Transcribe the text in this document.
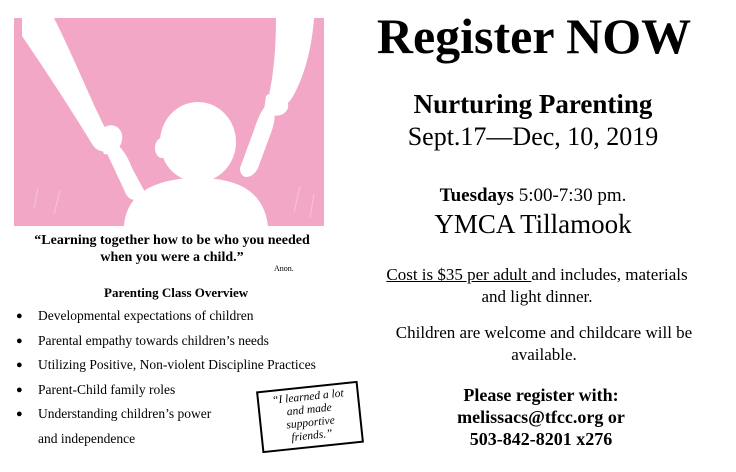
“Learning together how to be who you needed when you were a child.”
Anon.
Parenting Class Overview
● Developmental expectations of children
● Parental empathy towards children’s needs
● Utilizing Positive, Non-violent Discipline Practices
● Parent-Child family roles
● Understanding children’s power
and independence
“I learned a lot and made supportive friends.”
Register NOW
Nurturing Parenting
Sept.17—Dec, 10, 2019
Tuesdays 5:00-7:30 pm.
YMCA Tillamook
Cost is $35 per adult and includes, materials and light dinner.
Children are welcome and childcare will be available.
Please register with:
melissacs@tfcc.org or
503-842-8201 x276
